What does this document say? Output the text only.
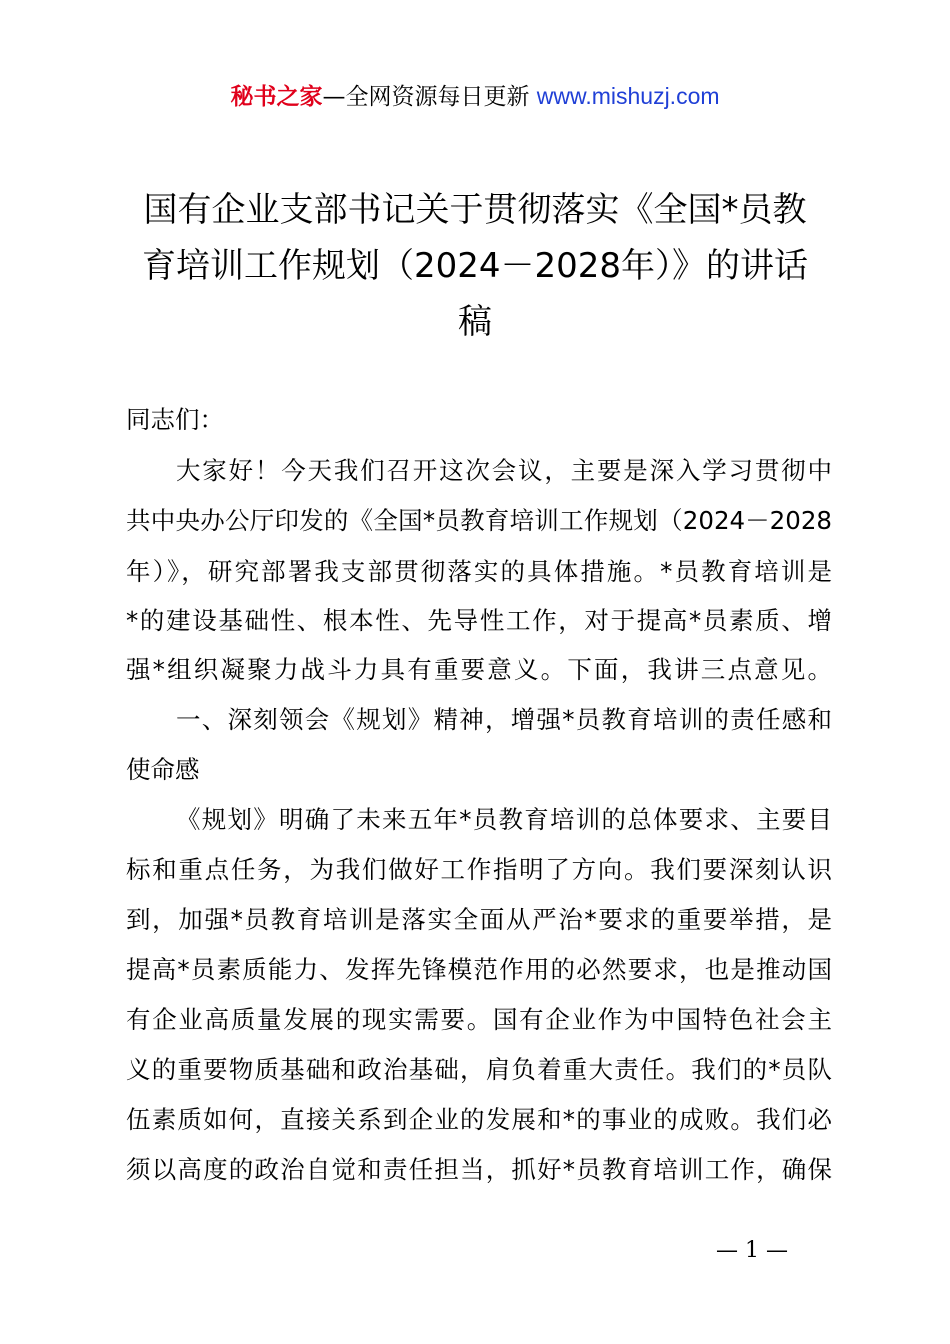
秘书之家—全网资源每日更新 www.mishuzj.com
国有企业支部书记关于贯彻落实《全国*员教
育培训工作规划（2024－2028年）》的讲话
稿
同志们：
大家好！今天我们召开这次会议，主要是深入学习贯彻中
共中央办公厅印发的《全国*员教育培训工作规划（2024－2028
年）》，研究部署我支部贯彻落实的具体措施。*员教育培训是
*的建设基础性、根本性、先导性工作，对于提高*员素质、增
强*组织凝聚力战斗力具有重要意义。下面，我讲三点意见。
一、深刻领会《规划》精神，增强*员教育培训的责任感和
使命感
《规划》明确了未来五年*员教育培训的总体要求、主要目
标和重点任务，为我们做好工作指明了方向。我们要深刻认识
到，加强*员教育培训是落实全面从严治*要求的重要举措，是
提高*员素质能力、发挥先锋模范作用的必然要求，也是推动国
有企业高质量发展的现实需要。国有企业作为中国特色社会主
义的重要物质基础和政治基础，肩负着重大责任。我们的*员队
伍素质如何，直接关系到企业的发展和*的事业的成败。我们必
须以高度的政治自觉和责任担当，抓好*员教育培训工作，确保
— 1 —
